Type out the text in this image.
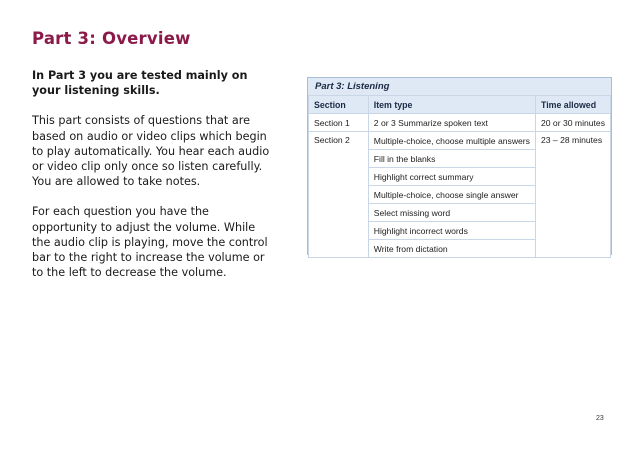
Part 3: Overview

In Part 3 you are tested mainly on your listening skills.

This part consists of questions that are based on audio or video clips which begin to play automatically. You hear each audio or video clip only once so listen carefully. You are allowed to take notes.

For each question you have the opportunity to adjust the volume. While the audio clip is playing, move the control bar to the right to increase the volume or to the left to decrease the volume.

Part 3: Listening
Section	Item type	Time allowed
Section 1	2 or 3 Summarize spoken text	20 or 30 minutes
Section 2	Multiple-choice, choose multiple answers	23 – 28 minutes
	Fill in the blanks	
	Highlight correct summary	
	Multiple-choice, choose single answer	
	Select missing word	
	Highlight incorrect words	
	Write from dictation	
23
